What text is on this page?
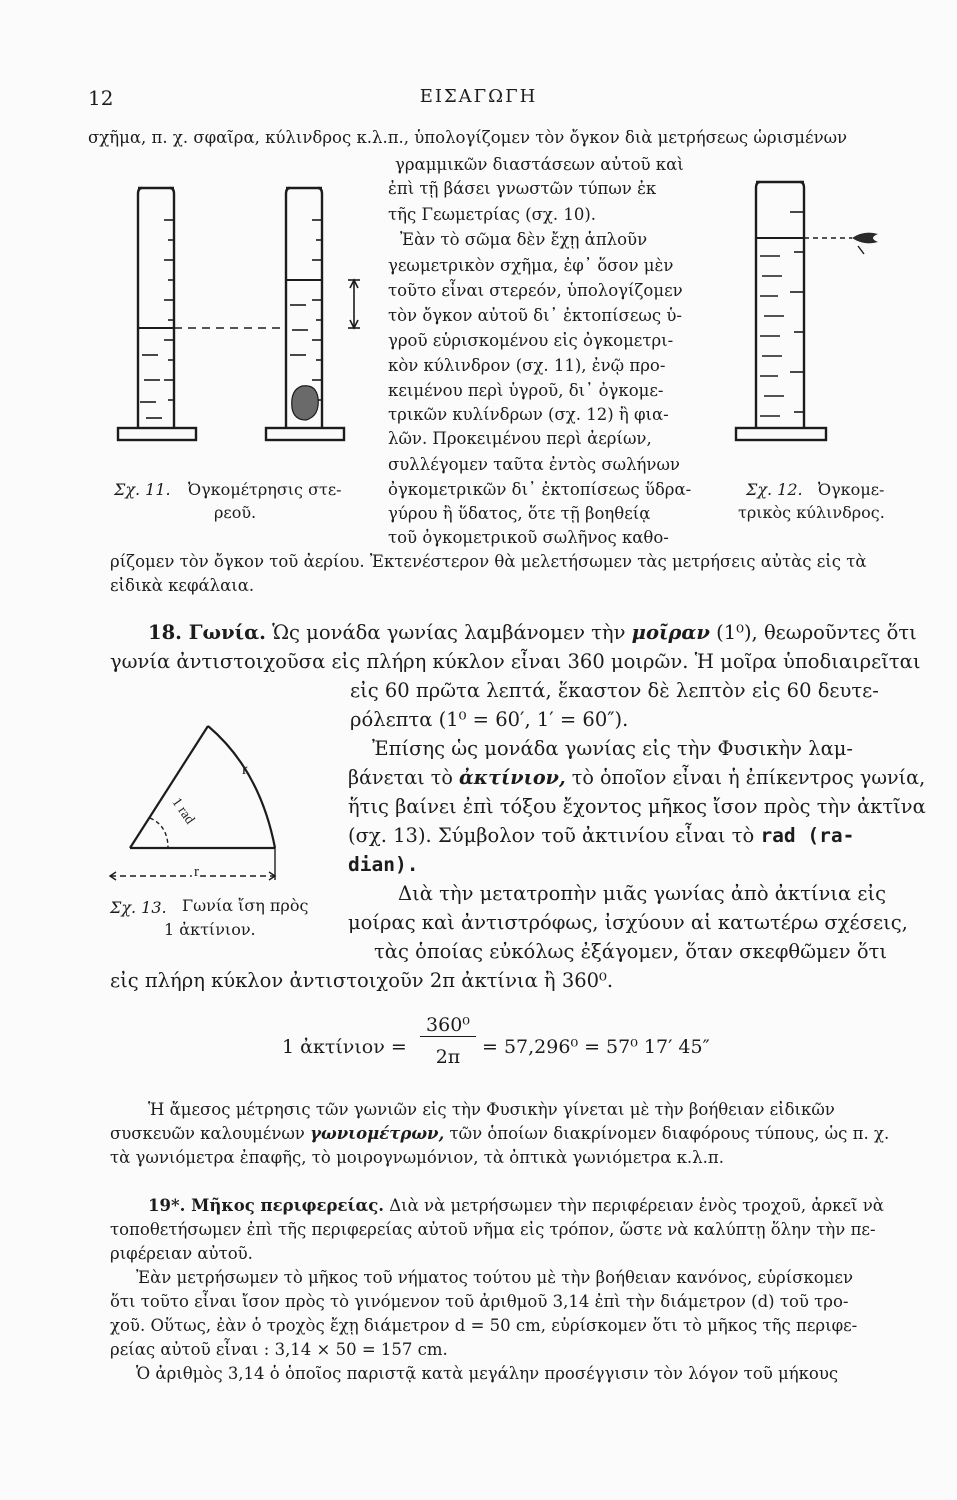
12	ΕΙΣΑΓΩΓΗ
σχῆμα, π. χ. σφαῖρα, κύλινδρος κ.λ.π., ὑπολογίζομεν τὸν ὄγκον διὰ μετρήσεως ὡρισμένων
γραμμικῶν διαστάσεων αὐτοῦ καὶ
ἐπὶ τῇ βάσει γνωστῶν τύπων ἐκ
τῆς Γεωμετρίας (σχ. 10).
Ἐὰν τὸ σῶμα δὲν ἔχῃ ἁπλοῦν
γεωμετρικὸν σχῆμα, ἐφ᾽ ὅσον μὲν
τοῦτο εἶναι στερεόν, ὑπολογίζομεν
τὸν ὄγκον αὐτοῦ δι᾽ ἐκτοπίσεως ὑ-
γροῦ εὑρισκομένου εἰς ὀγκομετρι-
κὸν κύλινδρον (σχ. 11), ἐνῷ προ-
κειμένου περὶ ὑγροῦ, δι᾽ ὀγκομε-
τρικῶν κυλίνδρων (σχ. 12) ἢ φια-
λῶν. Προκειμένου περὶ ἀερίων,
συλλέγομεν ταῦτα ἐντὸς σωλήνων
ὀγκομετρικῶν δι᾽ ἐκτοπίσεως ὕδρα-
γύρου ἢ ὕδατος, ὅτε τῇ βοηθείᾳ
τοῦ ὀγκομετρικοῦ σωλῆνος καθο-
ρίζομεν τὸν ὄγκον τοῦ ἀερίου. Ἐκτενέστερον θὰ μελετήσωμεν τὰς μετρήσεις αὐτὰς εἰς τὰ
εἰδικὰ κεφάλαια.
Σχ. 11. Ὀγκομέτρησις στε-
ρεοῦ.
Σχ. 12. Ὀγκομε-
τρικὸς κύλινδρος.
18. Γωνία. Ὡς μονάδα γωνίας λαμβάνομεν τὴν μοῖραν (1⁰), θεωροῦντες ὅτι
γωνία ἀντιστοιχοῦσα εἰς πλήρη κύκλον εἶναι 360 μοιρῶν. Ἡ μοῖρα ὑποδιαιρεῖται
εἰς 60 πρῶτα λεπτά, ἕκαστον δὲ λεπτὸν εἰς 60 δευτε-
ρόλεπτα (1⁰ = 60′, 1′ = 60″).
Ἐπίσης ὡς μονάδα γωνίας εἰς τὴν Φυσικὴν λαμ-
βάνεται τὸ ἀκτίνιον, τὸ ὁποῖον εἶναι ἡ ἐπίκεντρος γωνία,
ἥτις βαίνει ἐπὶ τόξου ἔχοντος μῆκος ἴσον πρὸς τὴν ἀκτῖνα
(σχ. 13). Σύμβολον τοῦ ἀκτινίου εἶναι τὸ rad (ra-
dian).
Διὰ τὴν μετατροπὴν μιᾶς γωνίας ἀπὸ ἀκτίνια εἰς
μοίρας καὶ ἀντιστρόφως, ἰσχύουν αἱ κατωτέρω σχέσεις,
τὰς ὁποίας εὐκόλως ἐξάγομεν, ὅταν σκεφθῶμεν ὅτι
εἰς πλήρη κύκλον ἀντιστοιχοῦν 2π ἀκτίνια ἢ 360⁰.
r
r
1 rad
Σχ. 13. Γωνία ἴση πρὸς
1 ἀκτίνιον.
1 ἀκτίνιον =
360⁰
2π	= 57,296⁰ = 57⁰ 17′ 45″
Ἡ ἄμεσος μέτρησις τῶν γωνιῶν εἰς τὴν Φυσικὴν γίνεται μὲ τὴν βοήθειαν εἰδικῶν
συσκευῶν καλουμένων γωνιομέτρων, τῶν ὁποίων διακρίνομεν διαφόρους τύπους, ὡς π. χ.
τὰ γωνιόμετρα ἐπαφῆς, τὸ μοιρογνωμόνιον, τὰ ὀπτικὰ γωνιόμετρα κ.λ.π.
19*. Μῆκος περιφερείας. Διὰ νὰ μετρήσωμεν τὴν περιφέρειαν ἑνὸς τροχοῦ, ἀρκεῖ νὰ
τοποθετήσωμεν ἐπὶ τῆς περιφερείας αὐτοῦ νῆμα εἰς τρόπον, ὥστε νὰ καλύπτῃ ὅλην τὴν πε-
ριφέρειαν αὐτοῦ.
Ἐὰν μετρήσωμεν τὸ μῆκος τοῦ νήματος τούτου μὲ τὴν βοήθειαν κανόνος, εὑρίσκομεν
ὅτι τοῦτο εἶναι ἴσον πρὸς τὸ γινόμενον τοῦ ἀριθμοῦ 3,14 ἐπὶ τὴν διάμετρον (d) τοῦ τρο-
χοῦ. Οὕτως, ἐὰν ὁ τροχὸς ἔχῃ διάμετρον d = 50 cm, εὑρίσκομεν ὅτι τὸ μῆκος τῆς περιφε-
ρείας αὐτοῦ εἶναι : 3,14 × 50 = 157 cm.
Ὁ ἀριθμὸς 3,14 ὁ ὁποῖος παριστᾷ κατὰ μεγάλην προσέγγισιν τὸν λόγον τοῦ μήκους
